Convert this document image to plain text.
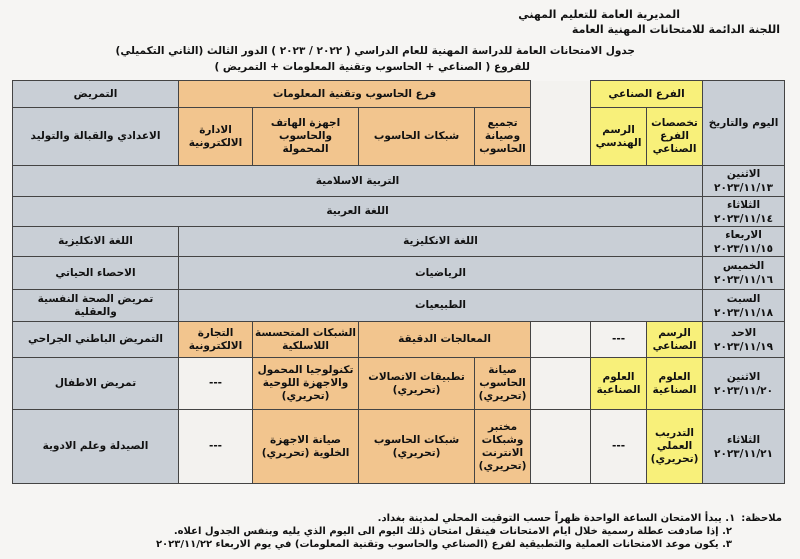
المديرية العامة للتعليم المهني
اللجنة الدائمة للامتحانات المهنية العامة
جدول الامتحانات العامة للدراسة المهنية للعام الدراسي ( ٢٠٢٢ / ٢٠٢٣ ) الدور الثالث (الثاني التكميلي)
للفروع ( الصناعي + الحاسوب وتقنية المعلومات + التمريض )
اليوم والتاريخ	الفرع الصناعي			فرع الحاسوب وتقنية المعلومات				التمريض
	تخصصات الفرع الصناعي	الرسم الهندسي		تجميع وصيانة الحاسوب	شبكات الحاسوب	اجهزة الهاتف والحاسوب المحمولة	الادارة الالكترونية	الاعدادي والقبالة والتوليد

الاثنين
٢٠٢٣/١١/١٣	التربية الاسلامية							

الثلاثاء
٢٠٢٣/١١/١٤	اللغة العربية							

الاربعاء
٢٠٢٣/١١/١٥	اللغة الانكليزية							اللغة الانكليزية

الخميس
٢٠٢٣/١١/١٦	الرياضيات							الاحصاء الحياتي

السبت
٢٠٢٣/١١/١٨	الطبيعيات							تمريض الصحة النفسية والعقلية

الاحد
٢٠٢٣/١١/١٩	الرسم الصناعي	---		المعالجات الدقيقة		الشبكات المتحسسة اللاسلكية	التجارة الالكترونية	التمريض الباطني الجراحي

الاثنين
٢٠٢٣/١١/٢٠	العلوم الصناعية	العلوم الصناعية		صيانة الحاسوب (تحريري)	تطبيقات الاتصالات (تحريري)	تكنولوجيا المحمول والاجهزة اللوحية (تحريري)	---	تمريض الاطفال

الثلاثاء
٢٠٢٣/١١/٢١	التدريب العملي (تحريري)	---		مختبر وشبكات الانترنت (تحريري)	شبكات الحاسوب (تحريري)	صيانة الاجهزة الخلوية (تحريري)	---	الصيدلة وعلم الادوية
ملاحظة:
١. يبدأ الامتحان الساعة الواحدة ظهراً حسب التوقيت المحلي لمدينة بغداد.
٢. إذا صادفت عطلة رسمية خلال ايام الامتحانات فينقل امتحان ذلك اليوم الى اليوم الذي يليه وبنفس الجدول اعلاه.
٣. يكون موعد الامتحانات العملية والتطبيقية لفرع (الصناعي والحاسوب وتقنية المعلومات) في يوم الاربعاء ٢٠٢٣/١١/٢٢
